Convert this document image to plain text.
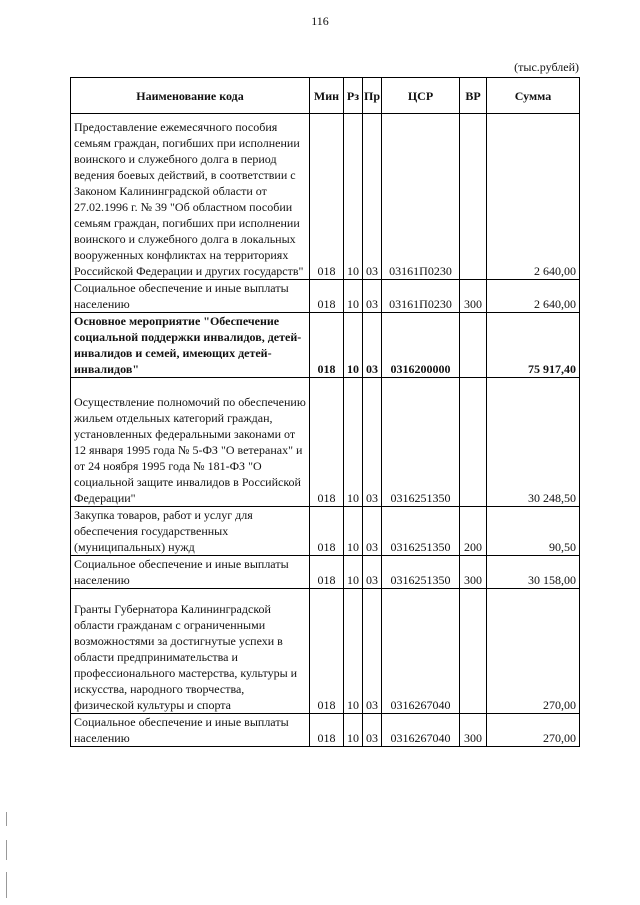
116
(тыс.рублей)
Наименование кода	Мин	Рз	Пр	ЦСР	ВР	Сумма
Предоставление ежемесячного пособия семьям граждан, погибших при исполнении воинского и служебного долга в период ведения боевых действий, в соответствии с Законом Калининградской области от 27.02.1996 г. № 39 "Об областном пособии семьям граждан, погибших при исполнении воинского и служебного долга в локальных вооруженных конфликтах на территориях Российской Федерации и других государств"	018	10	03	03161П0230		2 640,00
Социальное обеспечение и иные выплаты населению	018	10	03	03161П0230	300	2 640,00
Основное мероприятие "Обеспечение социальной поддержки инвалидов, детей-инвалидов и семей, имеющих детей-инвалидов"	018	10	03	0316200000		75 917,40
Осуществление полномочий по обеспечению жильем отдельных категорий граждан, установленных федеральными законами от 12 января 1995 года № 5-ФЗ "О ветеранах" и от 24 ноября 1995 года № 181-ФЗ "О социальной защите инвалидов в Российской Федерации"	018	10	03	0316251350		30 248,50
Закупка товаров, работ и услуг для обеспечения государственных (муниципальных) нужд	018	10	03	0316251350	200	90,50
Социальное обеспечение и иные выплаты населению	018	10	03	0316251350	300	30 158,00
Гранты Губернатора Калининградской области гражданам с ограниченными возможностями за достигнутые успехи в области предпринимательства и профессионального мастерства, культуры и искусства, народного творчества, физической культуры и спорта	018	10	03	0316267040		270,00
Социальное обеспечение и иные выплаты населению	018	10	03	0316267040	300	270,00
